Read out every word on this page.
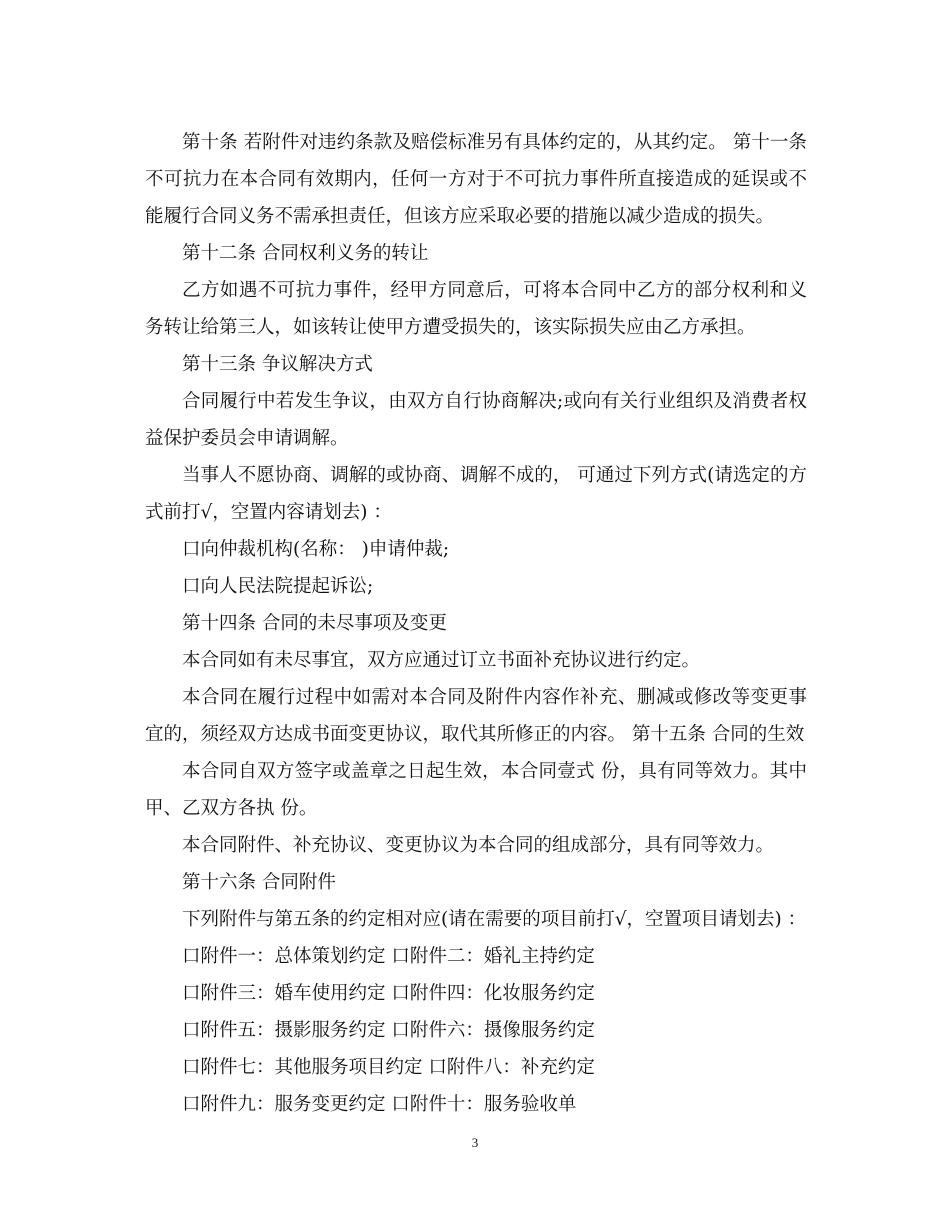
第十条 若附件对违约条款及赔偿标准另有具体约定的，从其约定。 第十一条 不可抗力在本合同有效期内，任何一方对于不可抗力事件所直接造成的延误或不能履行合同义务不需承担责任，但该方应采取必要的措施以减少造成的损失。

第十二条 合同权利义务的转让

乙方如遇不可抗力事件，经甲方同意后，可将本合同中乙方的部分权利和义务转让给第三人，如该转让使甲方遭受损失的，该实际损失应由乙方承担。

第十三条 争议解决方式

合同履行中若发生争议，由双方自行协商解决;或向有关行业组织及消费者权益保护委员会申请调解。

当事人不愿协商、调解的或协商、调解不成的， 可通过下列方式(请选定的方式前打√，空置内容请划去) ：

口向仲裁机构(名称： )申请仲裁;

口向人民法院提起诉讼;

第十四条 合同的未尽事项及变更

本合同如有未尽事宜，双方应通过订立书面补充协议进行约定。

本合同在履行过程中如需对本合同及附件内容作补充、删减或修改等变更事宜的，须经双方达成书面变更协议，取代其所修正的内容。 第十五条 合同的生效

本合同自双方签字或盖章之日起生效，本合同壹式 份，具有同等效力。其中甲、乙双方各执 份。

本合同附件、补充协议、变更协议为本合同的组成部分，具有同等效力。

第十六条 合同附件

下列附件与第五条的约定相对应(请在需要的项目前打√，空置项目请划去) ：

口附件一：总体策划约定 口附件二：婚礼主持约定

口附件三：婚车使用约定 口附件四：化妆服务约定

口附件五：摄影服务约定 口附件六：摄像服务约定

口附件七：其他服务项目约定 口附件八：补充约定

口附件九：服务变更约定 口附件十：服务验收单

3
